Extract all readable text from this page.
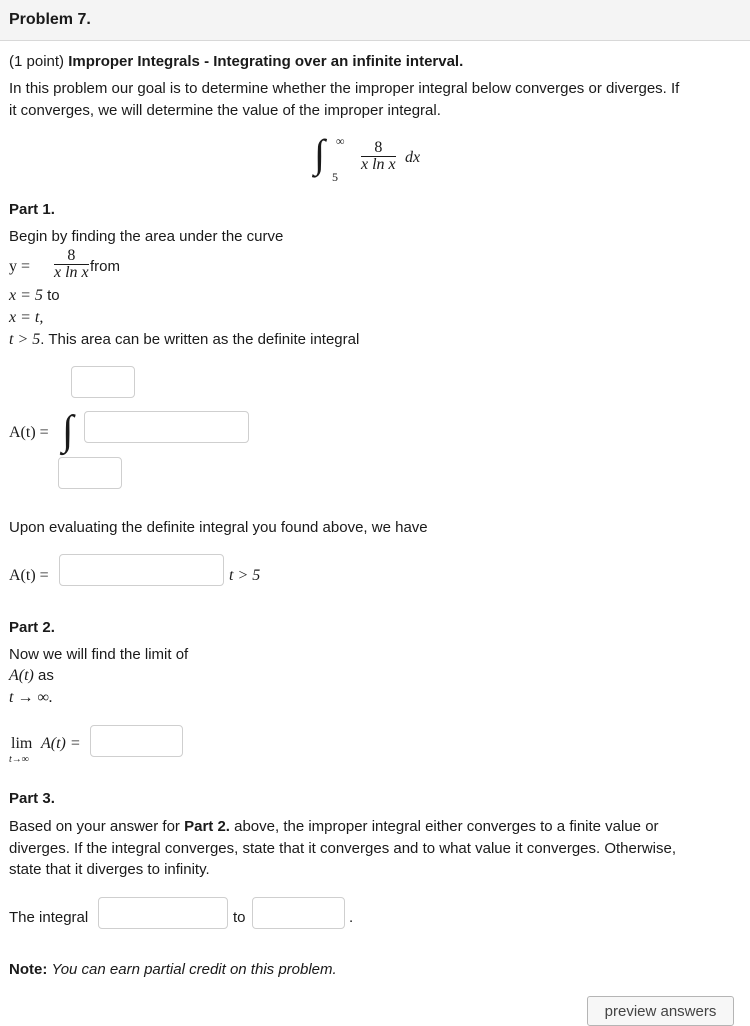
Problem 7.
(1 point) Improper Integrals - Integrating over an infinite interval.
In this problem our goal is to determine whether the improper integral below converges or diverges. If
it converges, we will determine the value of the improper integral.
∫ ∞
5
$\frac{8}{\text{x ln x}}$ dx
Part 1.
Begin by finding the area under the curve
$y = \frac{8}{\text{x ln x}}$ from
x = 5 to
x = t,
t > 5. This area can be written as the definite integral
A(t) = ∫
Upon evaluating the definite integral you found above, we have
A(t) =	t > 5
Part 2.
Now we will find the limit of
A(t) as
t → ∞.
lim
t→∞
A(t) =
Part 3.
Based on your answer for Part 2. above, the improper integral either converges to a finite value or
diverges. If the integral converges, state that it converges and to what value it converges. Otherwise,
state that it diverges to infinity.
The integral	to	.
Note: You can earn partial credit on this problem.
preview answers
